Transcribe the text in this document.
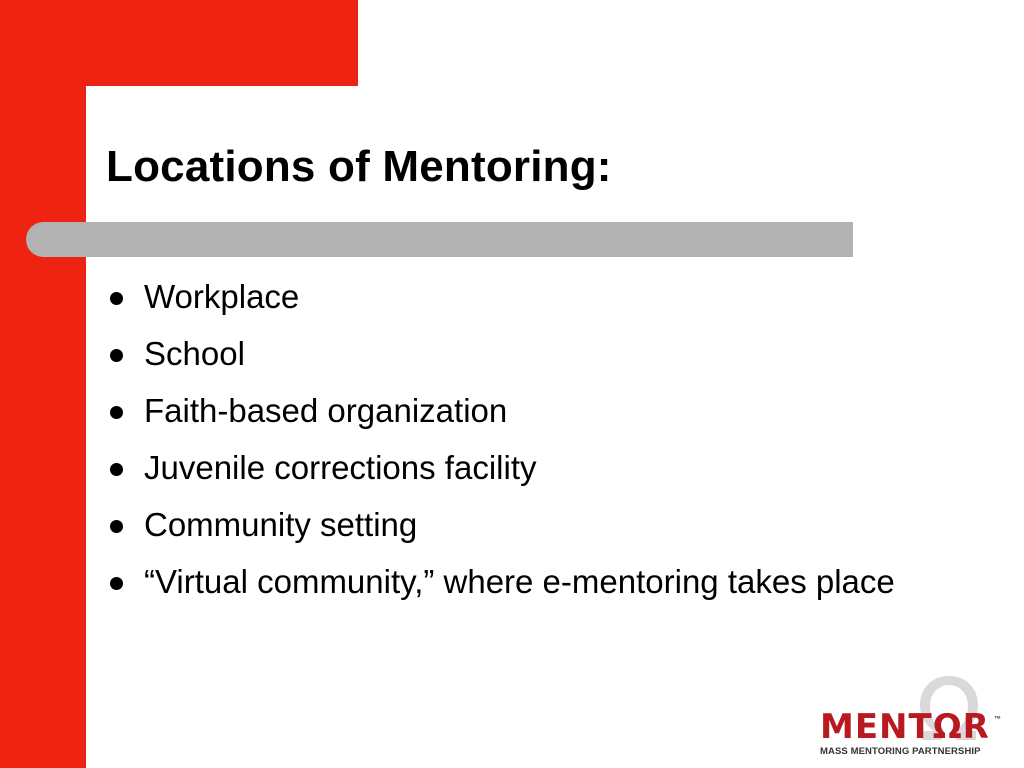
Locations of Mentoring:
Workplace
School
Faith-based organization
Juvenile corrections facility
Community setting
“Virtual community,” where e-mentoring takes place
MENTΩR ™
MASS MENTORING PARTNERSHIP
